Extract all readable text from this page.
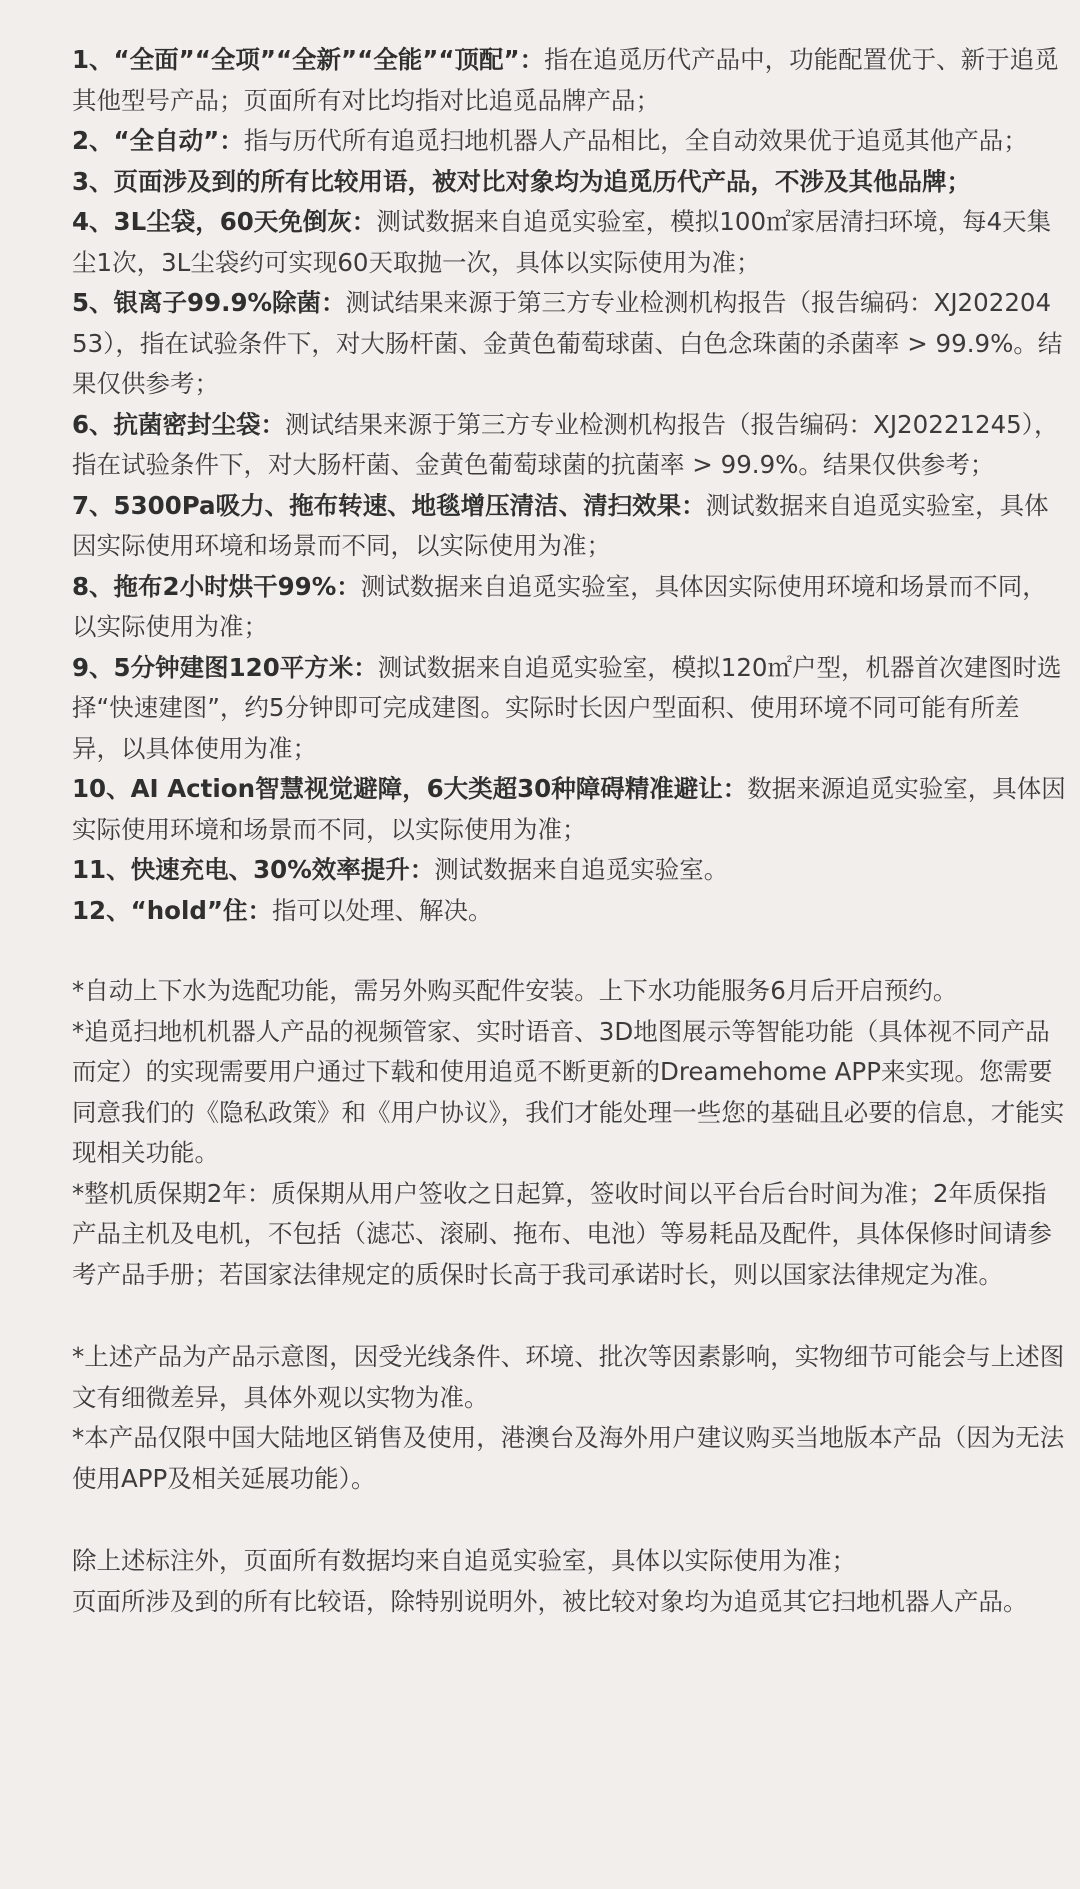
1、“全面”“全项”“全新”“全能”“顶配”：指在追觅历代产品中，功能配置优于、新于追觅其他型号产品；页面所有对比均指对比追觅品牌产品；

2、“全自动”：指与历代所有追觅扫地机器人产品相比，全自动效果优于追觅其他产品；

3、页面涉及到的所有比较用语，被对比对象均为追觅历代产品，不涉及其他品牌；

4、3L尘袋，60天免倒灰：测试数据来自追觅实验室，模拟100㎡家居清扫环境，每4天集尘1次，3L尘袋约可实现60天取抛一次，具体以实际使用为准；

5、银离子99.9%除菌：测试结果来源于第三方专业检测机构报告（报告编码：XJ20220453），指在试验条件下，对大肠杆菌、金黄色葡萄球菌、白色念珠菌的杀菌率 > 99.9%。结果仅供参考；

6、抗菌密封尘袋：测试结果来源于第三方专业检测机构报告（报告编码：XJ20221245），指在试验条件下，对大肠杆菌、金黄色葡萄球菌的抗菌率 > 99.9%。结果仅供参考；

7、5300Pa吸力、拖布转速、地毯增压清洁、清扫效果：测试数据来自追觅实验室，具体因实际使用环境和场景而不同，以实际使用为准；

8、拖布2小时烘干99%：测试数据来自追觅实验室，具体因实际使用环境和场景而不同，以实际使用为准；

9、5分钟建图120平方米：测试数据来自追觅实验室，模拟120㎡户型，机器首次建图时选择“快速建图”，约5分钟即可完成建图。实际时长因户型面积、使用环境不同可能有所差异，以具体使用为准；

10、AI Action智慧视觉避障，6大类超30种障碍精准避让：数据来源追觅实验室，具体因实际使用环境和场景而不同，以实际使用为准；

11、快速充电、30%效率提升：测试数据来自追觅实验室。

12、“hold”住：指可以处理、解决。

*自动上下水为选配功能，需另外购买配件安装。上下水功能服务6月后开启预约。

*追觅扫地机机器人产品的视频管家、实时语音、3D地图展示等智能功能（具体视不同产品而定）的实现需要用户通过下载和使用追觅不断更新的Dreamehome APP来实现。您需要同意我们的《隐私政策》和《用户协议》，我们才能处理一些您的基础且必要的信息，才能实现相关功能。

*整机质保期2年：质保期从用户签收之日起算，签收时间以平台后台时间为准；2年质保指产品主机及电机，不包括（滤芯、滚刷、拖布、电池）等易耗品及配件，具体保修时间请参考产品手册；若国家法律规定的质保时长高于我司承诺时长，则以国家法律规定为准。

*上述产品为产品示意图，因受光线条件、环境、批次等因素影响，实物细节可能会与上述图文有细微差异，具体外观以实物为准。

*本产品仅限中国大陆地区销售及使用，港澳台及海外用户建议购买当地版本产品（因为无法使用APP及相关延展功能）。

除上述标注外，页面所有数据均来自追觅实验室，具体以实际使用为准；

页面所涉及到的所有比较语，除特别说明外，被比较对象均为追觅其它扫地机器人产品。
